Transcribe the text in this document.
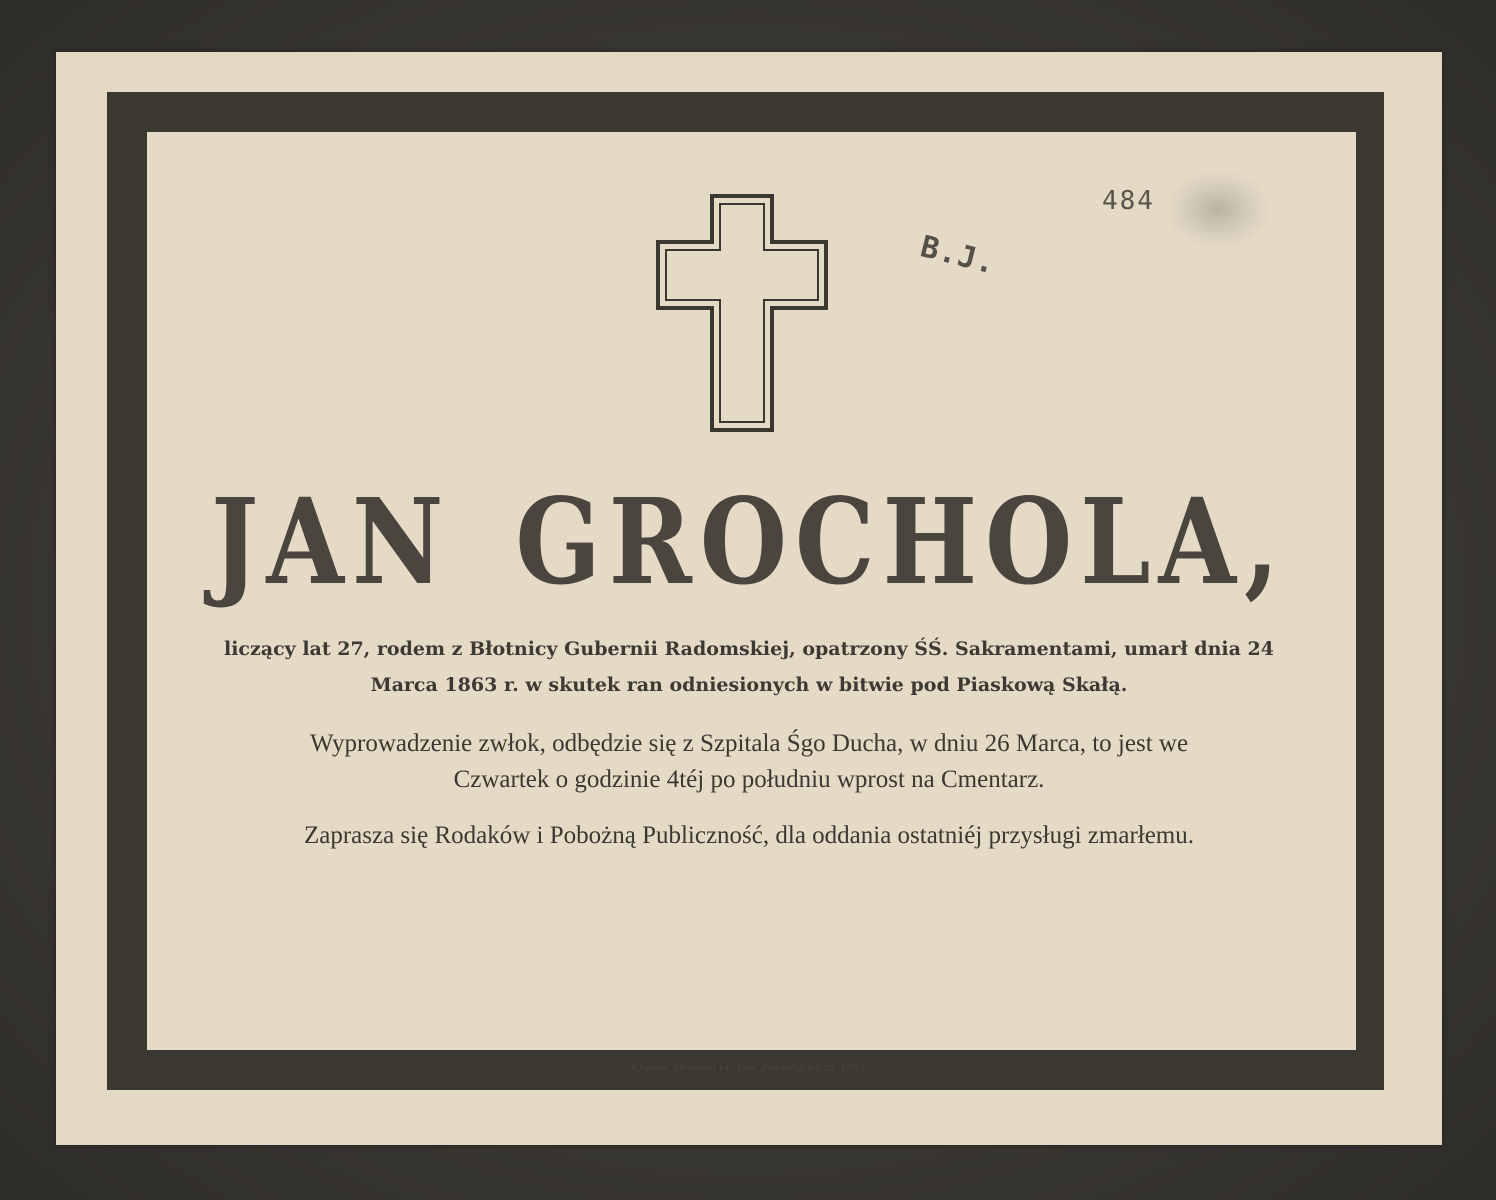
484
B.J.
JAN GROCHOLA,
liczący lat 27, rodem z Błotnicy Gubernii Radomskiej, opatrzony ŚŚ. Sakramentami, umarł dnia 24
Marca 1863 r. w skutek ran odniesionych w bitwie pod Piaskową Skałą.
Wyprowadzenie zwłok, odbędzie się z Szpitala Śgo Ducha, w dniu 26 Marca, to jest we
Czwartek o godzinie 4téj po południu wprost na Cmentarz.
Zaprasza się Rodaków i Pobożną Publiczność, dla oddania ostatniéj przysługi zmarłemu.
Kraków. Drukiem Fr. Xaw. Pobudkiewicza. 1863.
